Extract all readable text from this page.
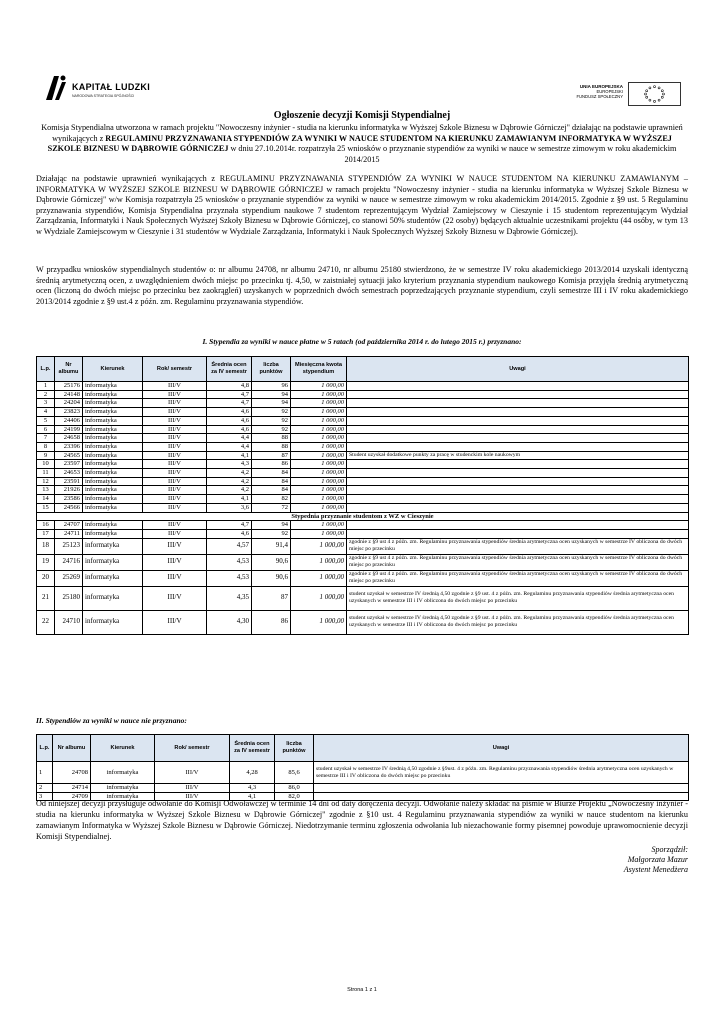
KAPITAŁ LUDZKI
NARODOWA STRATEGIA SPÓJNOŚCI
UNIA EUROPEJSKA
EUROPEJSKI
FUNDUSZ SPOŁECZNY
Ogłoszenie decyzji Komisji Stypendialnej
Komisja Stypendialna utworzona w ramach projektu "Nowoczesny inżynier - studia na kierunku informatyka w Wyższej Szkole Biznesu w Dąbrowie Górniczej" działając na podstawie uprawnień wynikających z REGULAMINU PRZYZNAWANIA STYPENDIÓW ZA WYNIKI W NAUCE STUDENTOM NA KIERUNKU ZAMAWIANYM INFORMATYKA W WYŻSZEJ SZKOLE BIZNESU W DĄBROWIE GÓRNICZEJ w dniu 27.10.2014r. rozpatrzyła 25 wniosków o przyznanie stypendiów za wyniki w nauce w semestrze zimowym w roku akademickim 2014/2015
Działając na podstawie uprawnień wynikających z REGULAMINU PRZYZNAWANIA STYPENDIÓW ZA WYNIKI W NAUCE STUDENTOM NA KIERUNKU ZAMAWIANYM – INFORMATYKA W WYŻSZEJ SZKOLE BIZNESU W DĄBROWIE GÓRNICZEJ w ramach projektu "Nowoczesny inżynier - studia na kierunku informatyka w Wyższej Szkole Biznesu w Dąbrowie Górniczej" w/w Komisja rozpatrzyła 25 wniosków o przyznanie stypendiów za wyniki w nauce w semestrze zimowym w roku akademickim 2014/2015. Zgodnie z §9 ust. 5 Regulaminu przyznawania stypendiów, Komisja Stypendialna przyznała stypendium naukowe 7 studentom reprezentującym Wydział Zamiejscowy w Cieszynie i 15 studentom reprezentującym Wydział Zarządzania, Informatyki i Nauk Społecznych Wyższej Szkoły Biznesu w Dąbrowie Górniczej, co stanowi 50% studentów (22 osoby) będących aktualnie uczestnikami projektu (44 osóby, w tym 13 w Wydziale Zamiejscowym w Cieszynie i 31 studentów w Wydziale Zarządzania, Informatyki i Nauk Społecznych Wyższej Szkoły Biznesu w Dąbrowie Górniczej).
W przypadku wniosków stypendialnych studentów o: nr albumu 24708, nr albumu 24710, nr albumu 25180 stwierdzono, że w semestrze IV roku akademickiego 2013/2014 uzyskali identyczną średnią arytmetyczną ocen, z uwzględnieniem dwóch miejsc po przecinku tj. 4,50, w zaistniałej sytuacji jako kryterium przyznania stypendium naukowego Komisja przyjęła średnią arytmetyczną ocen (liczoną do dwóch miejsc po przecinku bez zaokrągleń) uzyskanych w poprzednich dwóch semestrach poprzedzających przyznanie stypendium, czyli semestrze III i IV roku akademickiego 2013/2014 zgodnie z §9 ust.4 z późn. zm. Regulaminu przyznawania stypendiów.
I. Stypendia za wyniki w nauce płatne w 5 ratach (od października 2014 r. do lutego 2015 r.) przyznano:
L.p.	Nr albumu	Kierunek	Rok/ semestr	Średnia ocen za IV semestr	liczba punktów	Miesięczna kwota stypendium	Uwagi
1	25176	informatyka	III/V	4,8	96	1 000,00	
2	24148	informatyka	III/V	4,7	94	1 000,00	
3	24204	informatyka	III/V	4,7	94	1 000,00	
4	23823	informatyka	III/V	4,6	92	1 000,00	
5	24406	informatyka	III/V	4,6	92	1 000,00	
6	24199	informatyka	III/V	4,6	92	1 000,00	
7	24658	informatyka	III/V	4,4	88	1 000,00	
8	23396	informatyka	III/V	4,4	88	1 000,00	
9	24565	informatyka	III/V	4,1	87	1 000,00	Student uzyskał dodatkowe punkty za pracę w studenckim kole naukowym
10	23597	informatyka	III/V	4,3	86	1 000,00	
11	24653	informatyka	III/V	4,2	84	1 000,00	
12	23591	informatyka	III/V	4,2	84	1 000,00	
13	21926	informatyka	III/V	4,2	84	1 000,00	
14	23586	informatyka	III/V	4,1	82	1 000,00	
15	24566	informatyka	III/V	3,6	72	1 000,00	
Stypednia przyznanie studentom z WZ w Cieszynie							
16	24707	informatyka	III/V	4,7	94	1 000,00	
17	24711	informatyka	III/V	4,6	92	1 000,00	
18	25123	informatyka	III/V	4,57	91,4	1 000,00	zgodnie z §9 ust 4 z późn. zm. Regulaminu przyznawania stypendiów średnia arytmetyczna ocen uzyskanych w semestrze IV obliczona do dwóch miejsc po przecinku
19	24716	informatyka	III/V	4,53	90,6	1 000,00	zgodnie z §9 ust 4 z późn. zm. Regulaminu przyznawania stypendiów średnia arytmetyczna ocen uzyskanych w semestrze IV obliczona do dwóch miejsc po przecinku
20	25269	informatyka	III/V	4,53	90,6	1 000,00	zgodnie z §9 ust 4 z późn. zm. Regulaminu przyznawania stypendiów średnia arytmetyczna ocen uzyskanych w semestrze IV obliczona do dwóch miejsc po przecinku
21	25180	informatyka	III/V	4,35	87	1 000,00	student uzyskał w semestrze IV średnią 4,50 zgodnie z §9 ust. 4 z późn. zm. Regulaminu przyznawania stypendiów średnia arytmetyczna ocen uzyskanych w semestrze III i IV obliczona do dwóch miejsc po przecinku
22	24710	informatyka	III/V	4,30	86	1 000,00	student uzyskał w semestrze IV średnią 4,50 zgodnie z §9 ust. 4 z późn. zm. Regulaminu przyznawania stypendiów średnia arytmetyczna ocen uzyskanych w semestrze III i IV obliczona do dwóch miejsc po przecinku
II. Stypendiów za wyniki w nauce nie przyznano:
L.p.	Nr albumu	Kierunek	Rok/ semestr	Średnia ocen za IV semestr	liczba punktów	Uwagi
1	24708	informatyka	III/V	4,28	85,6	student uzyskał w semestrze IV średnią 4,50 zgodnie z §9ust. 4 z późn. zm. Regulaminu przyznawania stypendiów średnia arytmetyczna ocen uzyskanych w semestrze III i IV obliczona do dwóch miejsc po przecinku
2	24714	informatyka	III/V	4,3	86,0	
3	24709	informatyka	III/V	4,1	82,0	
Od niniejszej decyzji przysługuje odwołanie do Komisji Odwoławczej w terminie 14 dni od daty doręczenia decyzji. Odwołanie należy składać na piśmie w Biurze Projektu „Nowoczesny inżynier - studia na kierunku informatyka w Wyższej Szkole Biznesu w Dąbrowie Górniczej" zgodnie z §10 ust. 4 Regulaminu przyznawania stypendiów za wyniki w nauce studentom na kierunku zamawianym Informatyka w Wyższej Szkole Biznesu w Dąbrowie Górniczej. Niedotrzymanie terminu zgłoszenia odwołania lub niezachowanie formy pisemnej powoduje uprawomocnienie decyzji Komisji Stypendialnej.
Sporządził:
Małgorzata Mazur
Asystent Menedżera
Strona 1 z 1
